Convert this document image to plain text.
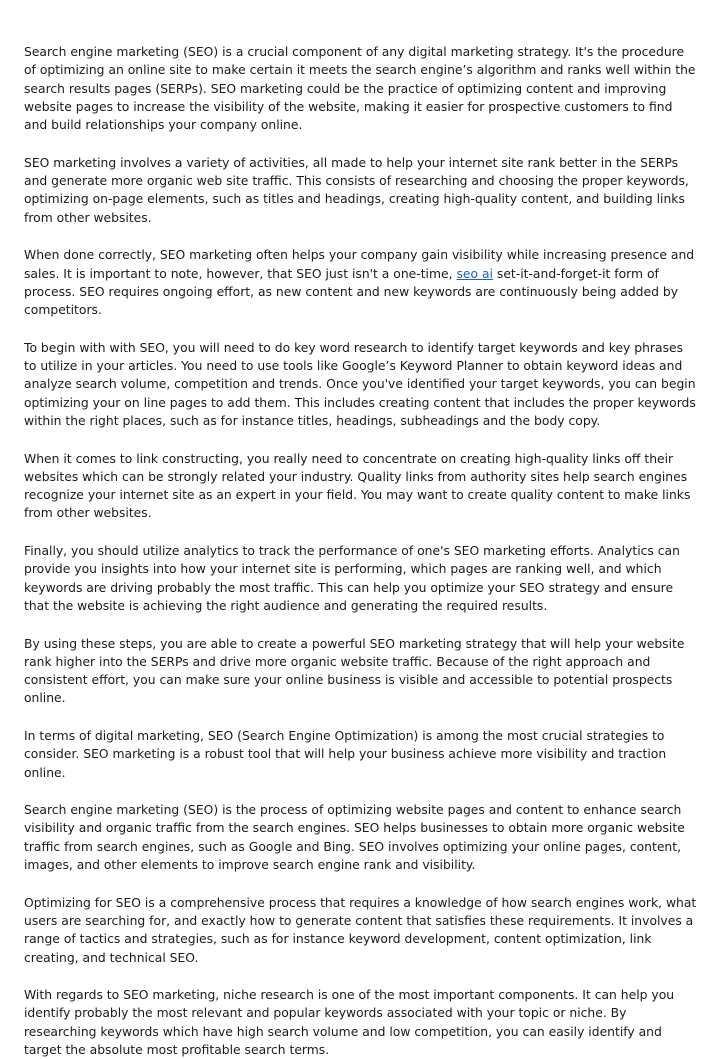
Search engine marketing (SEO) is a crucial component of any digital marketing strategy. It's the procedure of optimizing an online site to make certain it meets the search engine’s algorithm and ranks well within the search results pages (SERPs). SEO marketing could be the practice of optimizing content and improving website pages to increase the visibility of the website, making it easier for prospective customers to find and build relationships your company online.

SEO marketing involves a variety of activities, all made to help your internet site rank better in the SERPs and generate more organic web site traffic. This consists of researching and choosing the proper keywords, optimizing on-page elements, such as titles and headings, creating high-quality content, and building links from other websites.

When done correctly, SEO marketing often helps your company gain visibility while increasing presence and sales. It is important to note, however, that SEO just isn't a one-time, seo ai set-it-and-forget-it form of process. SEO requires ongoing effort, as new content and new keywords are continuously being added by competitors.

To begin with with SEO, you will need to do key word research to identify target keywords and key phrases to utilize in your articles. You need to use tools like Google’s Keyword Planner to obtain keyword ideas and analyze search volume, competition and trends. Once you've identified your target keywords, you can begin optimizing your on line pages to add them. This includes creating content that includes the proper keywords within the right places, such as for instance titles, headings, subheadings and the body copy.

When it comes to link constructing, you really need to concentrate on creating high-quality links off their websites which can be strongly related your industry. Quality links from authority sites help search engines recognize your internet site as an expert in your field. You may want to create quality content to make links from other websites.

Finally, you should utilize analytics to track the performance of one's SEO marketing efforts. Analytics can provide you insights into how your internet site is performing, which pages are ranking well, and which keywords are driving probably the most traffic. This can help you optimize your SEO strategy and ensure that the website is achieving the right audience and generating the required results.

By using these steps, you are able to create a powerful SEO marketing strategy that will help your website rank higher into the SERPs and drive more organic website traffic. Because of the right approach and consistent effort, you can make sure your online business is visible and accessible to potential prospects online.

In terms of digital marketing, SEO (Search Engine Optimization) is among the most crucial strategies to consider. SEO marketing is a robust tool that will help your business achieve more visibility and traction online.

Search engine marketing (SEO) is the process of optimizing website pages and content to enhance search visibility and organic traffic from the search engines. SEO helps businesses to obtain more organic website traffic from search engines, such as Google and Bing. SEO involves optimizing your online pages, content, images, and other elements to improve search engine rank and visibility.

Optimizing for SEO is a comprehensive process that requires a knowledge of how search engines work, what users are searching for, and exactly how to generate content that satisfies these requirements. It involves a range of tactics and strategies, such as for instance keyword development, content optimization, link creating, and technical SEO.

With regards to SEO marketing, niche research is one of the most important components. It can help you identify probably the most relevant and popular keywords associated with your topic or niche. By researching keywords which have high search volume and low competition, you can easily identify and target the absolute most profitable search terms.
